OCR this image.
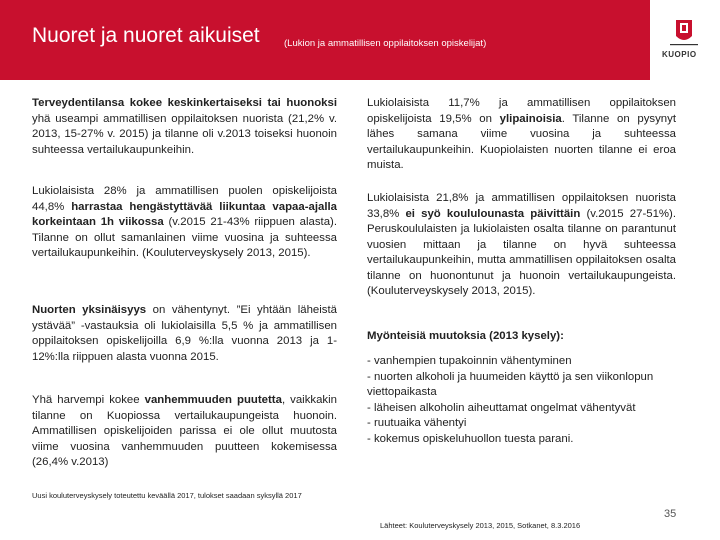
Nuoret ja nuoret aikuiset	(Lukion ja ammatillisen oppilaitoksen opiskelijat)
KUOPIO

Terveydentilansa kokee keskinkertaiseksi tai huonoksi yhä useampi ammatillisen oppilaitoksen nuorista (21,2% v. 2013, 15-27% v. 2015) ja tilanne oli v.2013 toiseksi huonoin suhteessa vertailukaupunkeihin.

Lukiolaisista 28% ja ammatillisen puolen opiskelijoista 44,8% harrastaa hengästyttävää liikuntaa vapaa-ajalla korkeintaan 1h viikossa (v.2015 21-43% riippuen alasta). Tilanne on ollut samanlainen viime vuosina ja suhteessa vertailukaupunkeihin. (Kouluterveyskysely 2013, 2015).

Nuorten yksinäisyys on vähentynyt. ”Ei yhtään läheistä ystävää” -vastauksia oli lukiolaisilla 5,5 % ja ammatillisen oppilaitoksen opiskelijoilla 6,9 %:lla vuonna 2013 ja 1-12%:lla riippuen alasta vuonna 2015.

Yhä harvempi kokee vanhemmuuden puutetta, vaikkakin tilanne on Kuopiossa vertailukaupungeista huonoin. Ammatillisen opiskelijoiden parissa ei ole ollut muutosta viime vuosina vanhemmuuden puutteen kokemisessa (26,4% v.2013)

Lukiolaisista 11,7% ja ammatillisen oppilaitoksen opiskelijoista 19,5% on ylipainoisia. Tilanne on pysynyt lähes samana viime vuosina ja suhteessa vertailukaupunkeihin. Kuopiolaisten nuorten tilanne ei eroa muista.

Lukiolaisista 21,8% ja ammatillisen oppilaitoksen nuorista 33,8% ei syö koululounasta päivittäin (v.2015 27-51%). Peruskoululaisten ja lukiolaisten osalta tilanne on parantunut vuosien mittaan ja tilanne on hyvä suhteessa vertailukaupunkeihin, mutta ammatillisen oppilaitoksen osalta tilanne on huonontunut ja huonoin vertailukaupungeista. (Kouluterveyskysely 2013, 2015).

Myönteisiä muutoksia (2013 kysely):

- vanhempien tupakoinnin vähentyminen
- nuorten alkoholi ja huumeiden käyttö ja sen viikonlopun viettopaikasta
- läheisen alkoholin aiheuttamat ongelmat vähentyvät
- ruutuaika vähentyi
- kokemus opiskeluhuollon tuesta parani.
Uusi kouluterveyskysely toteutettu keväällä 2017, tulokset saadaan syksyllä 2017
Lähteet: Kouluterveyskysely 2013, 2015, Sotkanet, 8.3.2016
35
